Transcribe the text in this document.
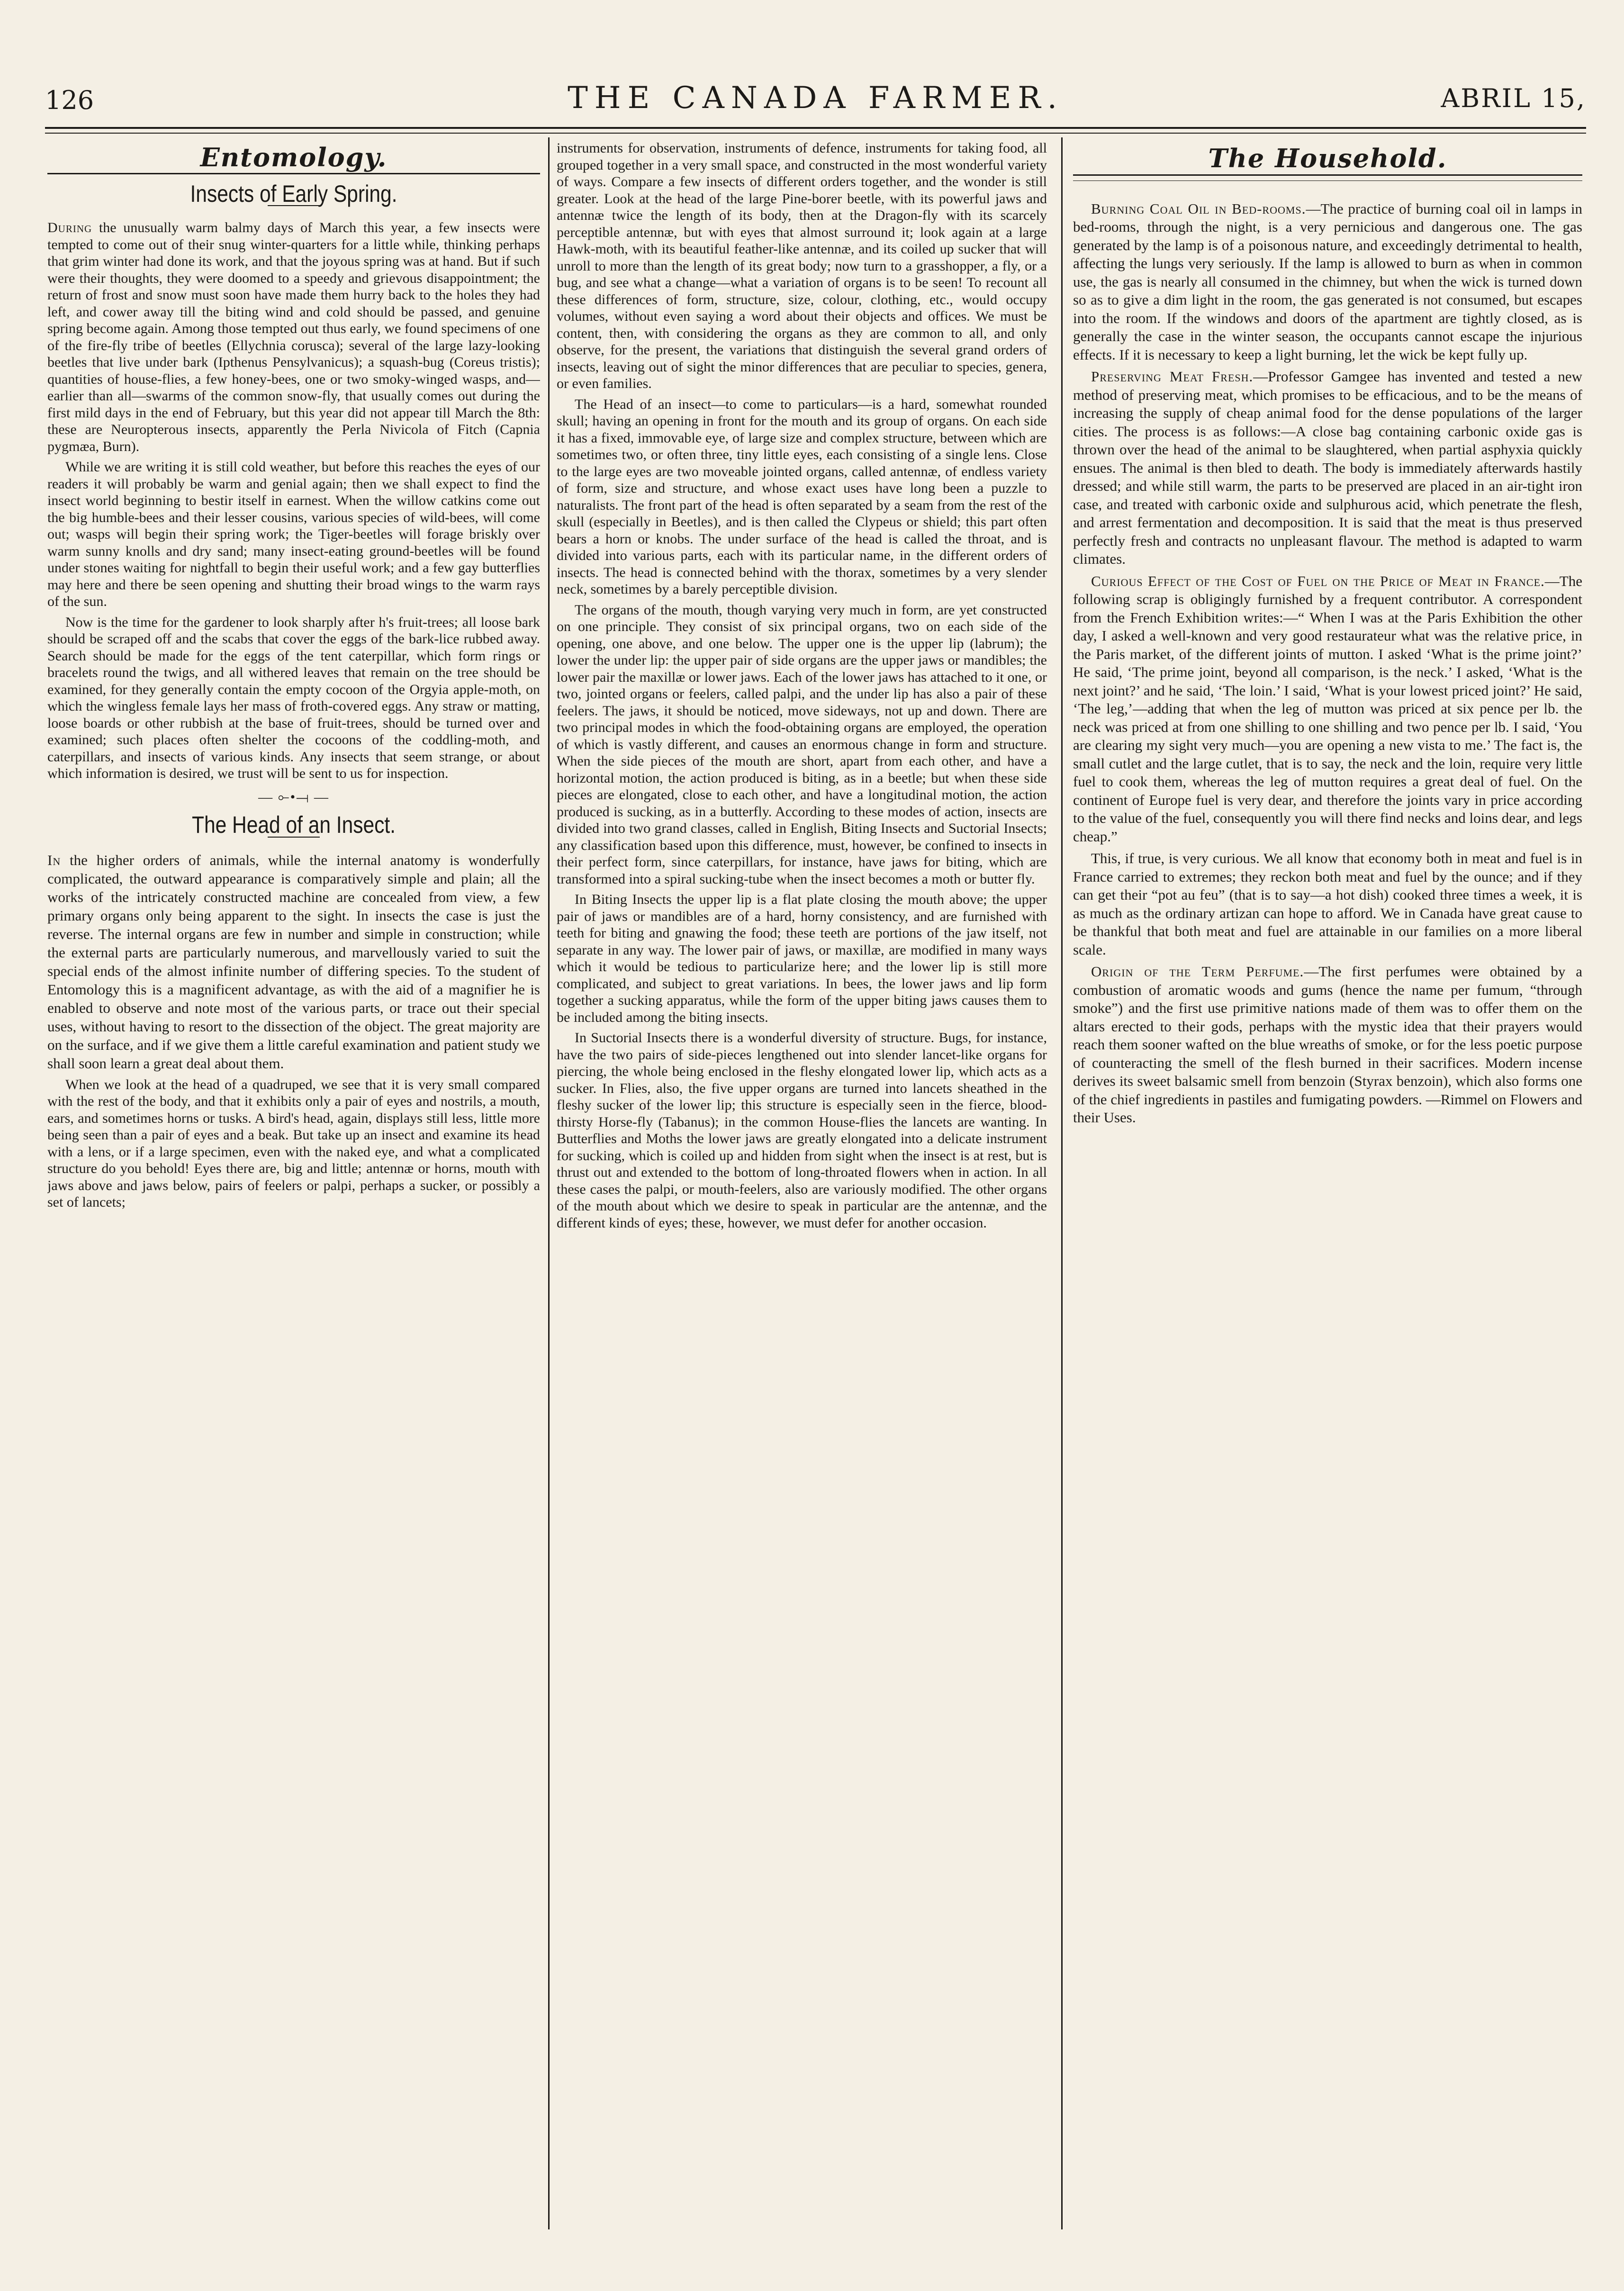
126	THE CANADA FARMER.	ABRIL 15,
Entomology.
Insects of Early Spring.

During the unusually warm balmy days of March this year, a few insects were tempted to come out of their snug winter-quarters for a little while, thinking perhaps that grim winter had done its work, and that the joyous spring was at hand. But if such were their thoughts, they were doomed to a speedy and grievous disappointment; the return of frost and snow must soon have made them hurry back to the holes they had left, and cower away till the biting wind and cold should be passed, and genuine spring become again. Among those tempted out thus early, we found specimens of one of the fire-fly tribe of beetles (Ellychnia corusca); several of the large lazy-looking beetles that live under bark (Ipthenus Pensylvanicus); a squash-bug (Coreus tristis); quantities of house-flies, a few honey-bees, one or two smoky-winged wasps, and—earlier than all—swarms of the common snow-fly, that usually comes out during the first mild days in the end of February, but this year did not appear till March the 8th: these are Neuropterous insects, apparently the Perla Nivicola of Fitch (Capnia pygmæa, Burn).

While we are writing it is still cold weather, but before this reaches the eyes of our readers it will probably be warm and genial again; then we shall expect to find the insect world beginning to bestir itself in earnest. When the willow catkins come out the big humble-bees and their lesser cousins, various species of wild-bees, will come out; wasps will begin their spring work; the Tiger-beetles will forage briskly over warm sunny knolls and dry sand; many insect-eating ground-beetles will be found under stones waiting for nightfall to begin their useful work; and a few gay butterflies may here and there be seen opening and shutting their broad wings to the warm rays of the sun.

Now is the time for the gardener to look sharply after h's fruit-trees; all loose bark should be scraped off and the scabs that cover the eggs of the bark-lice rubbed away. Search should be made for the eggs of the tent caterpillar, which form rings or bracelets round the twigs, and all withered leaves that remain on the tree should be examined, for they generally contain the empty cocoon of the Orgyia apple-moth, on which the wingless female lays her mass of froth-covered eggs. Any straw or matting, loose boards or other rubbish at the base of fruit-trees, should be turned over and examined; such places often shelter the cocoons of the coddling-moth, and caterpillars, and insects of various kinds. Any insects that seem strange, or about which information is desired, we trust will be sent to us for inspection.

— ⟜•⟞ —
The Head of an Insect.

In the higher orders of animals, while the internal anatomy is wonderfully complicated, the outward appearance is comparatively simple and plain; all the works of the intricately constructed machine are concealed from view, a few primary organs only being apparent to the sight. In insects the case is just the reverse. The internal organs are few in number and simple in construction; while the external parts are particularly numerous, and marvellously varied to suit the special ends of the almost infinite number of differing species. To the student of Entomology this is a magnificent advantage, as with the aid of a magnifier he is enabled to observe and note most of the various parts, or trace out their special uses, without having to resort to the dissection of the object. The great majority are on the surface, and if we give them a little careful examination and patient study we shall soon learn a great deal about them.

When we look at the head of a quadruped, we see that it is very small compared with the rest of the body, and that it exhibits only a pair of eyes and nostrils, a mouth, ears, and sometimes horns or tusks. A bird's head, again, displays still less, little more being seen than a pair of eyes and a beak. But take up an insect and examine its head with a lens, or if a large specimen, even with the naked eye, and what a complicated structure do you behold! Eyes there are, big and little; antennæ or horns, mouth with jaws above and jaws below, pairs of feelers or palpi, perhaps a sucker, or possibly a set of lancets;

instruments for observation, instruments of defence, instruments for taking food, all grouped together in a very small space, and constructed in the most wonderful variety of ways. Compare a few insects of different orders together, and the wonder is still greater. Look at the head of the large Pine-borer beetle, with its powerful jaws and antennæ twice the length of its body, then at the Dragon-fly with its scarcely perceptible antennæ, but with eyes that almost surround it; look again at a large Hawk-moth, with its beautiful feather-like antennæ, and its coiled up sucker that will unroll to more than the length of its great body; now turn to a grasshopper, a fly, or a bug, and see what a change—what a variation of organs is to be seen! To recount all these differences of form, structure, size, colour, clothing, etc., would occupy volumes, without even saying a word about their objects and offices. We must be content, then, with considering the organs as they are common to all, and only observe, for the present, the variations that distinguish the several grand orders of insects, leaving out of sight the minor differences that are peculiar to species, genera, or even families.

The Head of an insect—to come to particulars—is a hard, somewhat rounded skull; having an opening in front for the mouth and its group of organs. On each side it has a fixed, immovable eye, of large size and complex structure, between which are sometimes two, or often three, tiny little eyes, each consisting of a single lens. Close to the large eyes are two moveable jointed organs, called antennæ, of endless variety of form, size and structure, and whose exact uses have long been a puzzle to naturalists. The front part of the head is often separated by a seam from the rest of the skull (especially in Beetles), and is then called the Clypeus or shield; this part often bears a horn or knobs. The under surface of the head is called the throat, and is divided into various parts, each with its particular name, in the different orders of insects. The head is connected behind with the thorax, sometimes by a very slender neck, sometimes by a barely perceptible division.

The organs of the mouth, though varying very much in form, are yet constructed on one principle. They consist of six principal organs, two on each side of the opening, one above, and one below. The upper one is the upper lip (labrum); the lower the under lip: the upper pair of side organs are the upper jaws or mandibles; the lower pair the maxillæ or lower jaws. Each of the lower jaws has attached to it one, or two, jointed organs or feelers, called palpi, and the under lip has also a pair of these feelers. The jaws, it should be noticed, move sideways, not up and down. There are two principal modes in which the food-obtaining organs are employed, the operation of which is vastly different, and causes an enormous change in form and structure. When the side pieces of the mouth are short, apart from each other, and have a horizontal motion, the action produced is biting, as in a beetle; but when these side pieces are elongated, close to each other, and have a longitudinal motion, the action produced is sucking, as in a butterfly. According to these modes of action, insects are divided into two grand classes, called in English, Biting Insects and Suctorial Insects; any classification based upon this difference, must, however, be confined to insects in their perfect form, since caterpillars, for instance, have jaws for biting, which are transformed into a spiral sucking-tube when the insect becomes a moth or butter fly.

In Biting Insects the upper lip is a flat plate closing the mouth above; the upper pair of jaws or mandibles are of a hard, horny consistency, and are furnished with teeth for biting and gnawing the food; these teeth are portions of the jaw itself, not separate in any way. The lower pair of jaws, or maxillæ, are modified in many ways which it would be tedious to particularize here; and the lower lip is still more complicated, and subject to great variations. In bees, the lower jaws and lip form together a sucking apparatus, while the form of the upper biting jaws causes them to be included among the biting insects.

In Suctorial Insects there is a wonderful diversity of structure. Bugs, for instance, have the two pairs of side-pieces lengthened out into slender lancet-like organs for piercing, the whole being enclosed in the fleshy elongated lower lip, which acts as a sucker. In Flies, also, the five upper organs are turned into lancets sheathed in the fleshy sucker of the lower lip; this structure is especially seen in the fierce, blood-thirsty Horse-fly (Tabanus); in the common House-flies the lancets are wanting. In Butterflies and Moths the lower jaws are greatly elongated into a delicate instrument for sucking, which is coiled up and hidden from sight when the insect is at rest, but is thrust out and extended to the bottom of long-throated flowers when in action. In all these cases the palpi, or mouth-feelers, also are variously modified. The other organs of the mouth about which we desire to speak in particular are the antennæ, and the different kinds of eyes; these, however, we must defer for another occasion.

The Household.

Burning Coal Oil in Bed-rooms.—The practice of burning coal oil in lamps in bed-rooms, through the night, is a very pernicious and dangerous one. The gas generated by the lamp is of a poisonous nature, and exceedingly detrimental to health, affecting the lungs very seriously. If the lamp is allowed to burn as when in common use, the gas is nearly all consumed in the chimney, but when the wick is turned down so as to give a dim light in the room, the gas generated is not consumed, but escapes into the room. If the windows and doors of the apartment are tightly closed, as is generally the case in the winter season, the occupants cannot escape the injurious effects. If it is necessary to keep a light burning, let the wick be kept fully up.

Preserving Meat Fresh.—Professor Gamgee has invented and tested a new method of preserving meat, which promises to be efficacious, and to be the means of increasing the supply of cheap animal food for the dense populations of the larger cities. The process is as follows:—A close bag containing carbonic oxide gas is thrown over the head of the animal to be slaughtered, when partial asphyxia quickly ensues. The animal is then bled to death. The body is immediately afterwards hastily dressed; and while still warm, the parts to be preserved are placed in an air-tight iron case, and treated with carbonic oxide and sulphurous acid, which penetrate the flesh, and arrest fermentation and decomposition. It is said that the meat is thus preserved perfectly fresh and contracts no unpleasant flavour. The method is adapted to warm climates.

Curious Effect of the Cost of Fuel on the Price of Meat in France.—The following scrap is obligingly furnished by a frequent contributor. A correspondent from the French Exhibition writes:—“ When I was at the Paris Exhibition the other day, I asked a well-known and very good restaurateur what was the relative price, in the Paris market, of the different joints of mutton. I asked ‘What is the prime joint?’ He said, ‘The prime joint, beyond all comparison, is the neck.’ I asked, ‘What is the next joint?’ and he said, ‘The loin.’ I said, ‘What is your lowest priced joint?’ He said, ‘The leg,’—adding that when the leg of mutton was priced at six pence per lb. the neck was priced at from one shilling to one shilling and two pence per lb. I said, ‘You are clearing my sight very much—you are opening a new vista to me.’ The fact is, the small cutlet and the large cutlet, that is to say, the neck and the loin, require very little fuel to cook them, whereas the leg of mutton requires a great deal of fuel. On the continent of Europe fuel is very dear, and therefore the joints vary in price according to the value of the fuel, consequently you will there find necks and loins dear, and legs cheap.”

This, if true, is very curious. We all know that economy both in meat and fuel is in France carried to extremes; they reckon both meat and fuel by the ounce; and if they can get their “pot au feu” (that is to say—a hot dish) cooked three times a week, it is as much as the ordinary artizan can hope to afford. We in Canada have great cause to be thankful that both meat and fuel are attainable in our families on a more liberal scale.

Origin of the Term Perfume.—The first perfumes were obtained by a combustion of aromatic woods and gums (hence the name per fumum, “through smoke”) and the first use primitive nations made of them was to offer them on the altars erected to their gods, perhaps with the mystic idea that their prayers would reach them sooner wafted on the blue wreaths of smoke, or for the less poetic purpose of counteracting the smell of the flesh burned in their sacrifices. Modern incense derives its sweet balsamic smell from benzoin (Styrax benzoin), which also forms one of the chief ingredients in pastiles and fumigating powders. —Rimmel on Flowers and their Uses.
